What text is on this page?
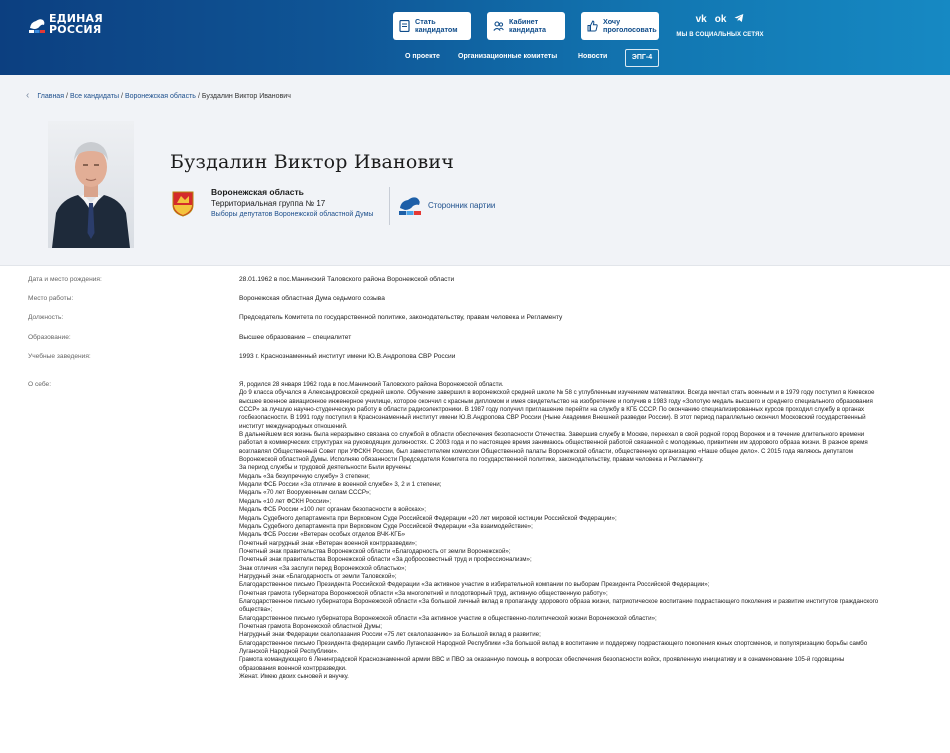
ЕДИНАЯ
РОССИЯ
Стать
кандидатом
Кабинет
кандидата
Хочу
проголосовать
vk ok
МЫ В СОЦИАЛЬНЫХ СЕТЯХ
О проекте	Организационные комитеты	Новости	ЭПГ-4
‹ Главная / Все кандидаты / Воронежская область / Буздалин Виктор Иванович
Буздалин Виктор Иванович
Воронежская область
Территориальная группа № 17
Выборы депутатов Воронежской областной Думы
Сторонник партии
Дата и место рождения:	28.01.1962 в пос.Манинский Таловского района Воронежской области
Место работы:	Воронежская областная Дума седьмого созыва
Должность:	Председатель Комитета по государственной политике, законодательству, правам человека и Регламенту
Образование:	Высшее образование – специалитет
Учебные заведения:	1993 г. Краснознаменный институт имени Ю.В.Андропова СВР России
О себе:	Я, родился 28 января 1962 года в пос.Манинский Таловского района Воронежской области.

До 9 класса обучался в Александровской средней школе. Обучение завершил в воронежской средней школе № 58 с углубленным изучением математики. Всегда мечтал стать военным и в 1979 году поступил в Киевское высшее военное авиационное инженерное училище, которое окончил с красным дипломом и имея свидетельство на изобретение и получив в 1983 году «Золотую медаль высшего и среднего специального образования СССР» за лучшую научно-студенческую работу в области радиоэлектроники. В 1987 году получил приглашение перейти на службу в КГБ СССР. По окончанию специализированных курсов проходил службу в органах госбезопасности. В 1991 году поступил в Краснознаменный институт имени Ю.В.Андропова СВР России (Ныне Академия Внешней разведки России). В этот период параллельно окончил Московский государственный институт международных отношений.

В дальнейшем вся жизнь была неразрывно связана со службой в области обеспечения безопасности Отечества. Завершив службу в Москве, переехал в свой родной город Воронеж и в течение длительного времени работал в коммерческих структурах на руководящих должностях. С 2003 года и по настоящее время занимаюсь общественной работой связанной с молодежью, привитием им здорового образа жизни. В разное время возглавлял Общественный Совет при УФСКН России, был заместителем комиссии Общественной палаты Воронежской области, общественную организацию «Наше общее дело». С 2015 года являюсь депутатом Воронежской областной Думы. Исполняю обязанности Председателя Комитета по государственной политике, законодательству, правам человека и Регламенту.

За период службы и трудовой деятельности Были вручены:

Медаль «За безупречную службу» 3 степени;

Медали ФСБ России «За отличие в военной службе» 3, 2 и 1 степени;

Медаль «70 лет Вооруженным силам СССР»;

Медаль «10 лет ФСКН России»;

Медаль ФСБ России «100 лет органам безопасности в войсках»;

Медаль Судебного департамента при Верховном Суде Российской Федерации «20 лет мировой юстиции Российской Федерации»;

Медаль Судебного департамента при Верховном Суде Российской Федерации «За взаимодействие»;

Медаль ФСБ России «Ветеран особых отделов ВЧК-КГБ»

Почетный нагрудный знак «Ветеран военной контрразведки»;

Почетный знак правительства Воронежской области «Благодарность от земли Воронежской»;

Почетный знак правительства Воронежской области «За добросовестный труд и профессионализм»;

Знак отличия «За заслуги перед Воронежской областью»;

Нагрудный знак «Благодарность от земли Таловской»;

Благодарственное письмо Президента Российской Федерации «За активное участие в избирательной компании по выборам Президента Российской Федерации»;

Почетная грамота губернатора Воронежской области «За многолетний и плодотворный труд, активную общественную работу»;

Благодарственное письмо губернатора Воронежской области «За большой личный вклад в пропаганду здорового образа жизни, патриотическое воспитание подрастающего поколения и развитие институтов гражданского общества»;

Благодарственное письмо губернатора Воронежской области «За активное участие в общественно-политической жизни Воронежской области»;

Почетная грамота Воронежской областной Думы;

Нагрудный знак Федерации скалолазания России «75 лет скалолазанию» за Большой вклад в развитие;

Благодарственное письмо Президента федерации самбо Луганской Народной Республики «За большой вклад в воспитание и поддержку подрастающего поколения юных спортсменов, и популяризацию борьбы самбо Луганской Народной Республики».

Грамота командующего 6 Ленинградской Краснознаменной армии ВВС и ПВО за оказанную помощь в вопросах обеспечения безопасности войск, проявленную инициативу и в ознаменование 105-й годовщины образования военной контрразведки.

Женат. Имею двоих сыновей и внучку.
